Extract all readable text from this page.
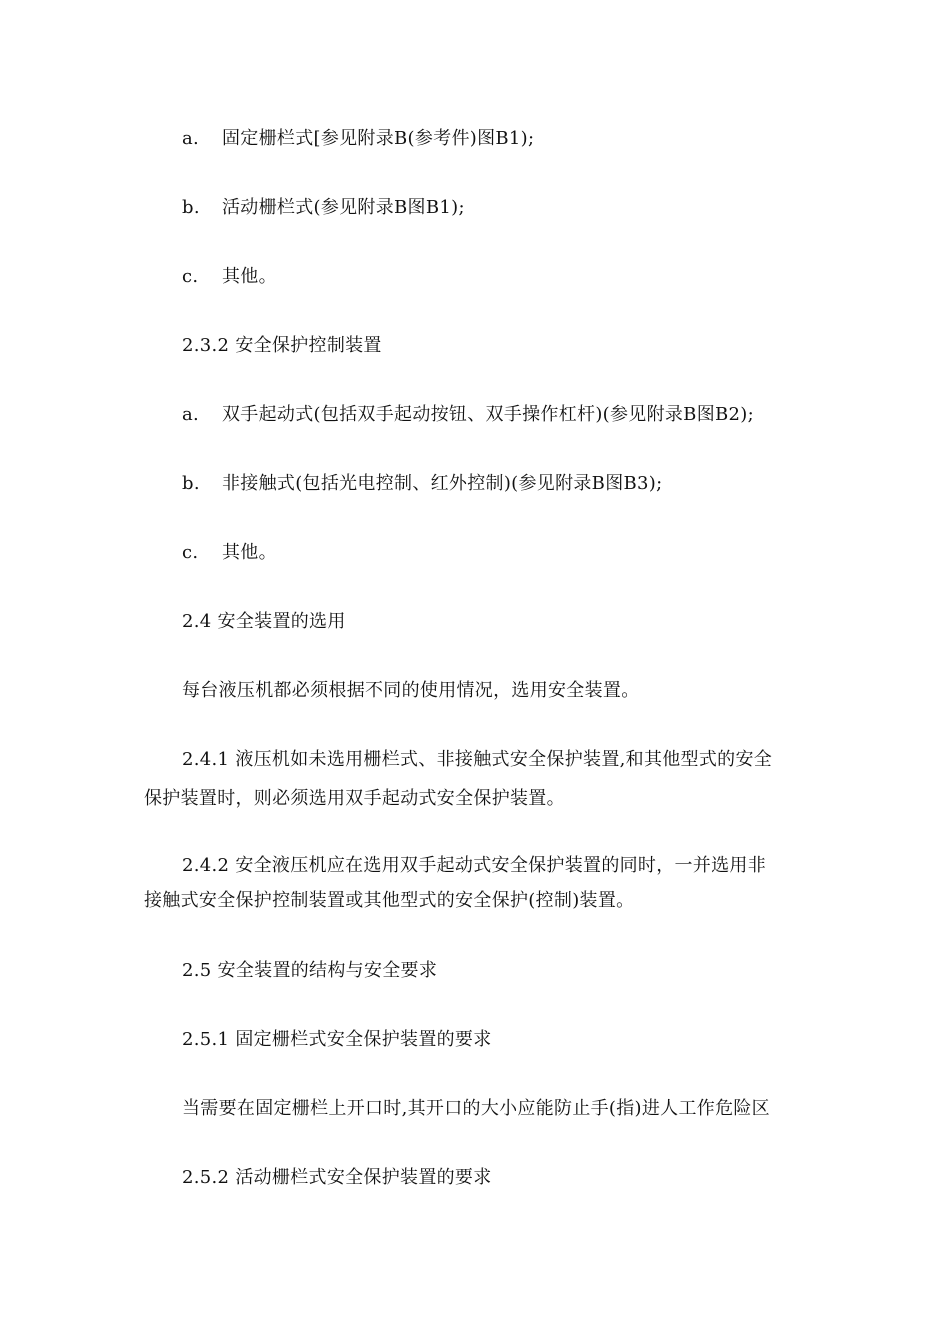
a. 固定栅栏式[参见附录B(参考件)图B1);
b. 活动栅栏式(参见附录B图B1);
c. 其他。
2.3.2 安全保护控制装置
a. 双手起动式(包括双手起动按钮、双手操作杠杆)(参见附录B图B2);
b. 非接触式(包括光电控制、红外控制)(参见附录B图B3);
c. 其他。
2.4 安全装置的选用
每台液压机都必须根据不同的使用情况，选用安全装置。
2.4.1 液压机如未选用栅栏式、非接触式安全保护装置,和其他型式的安全
保护装置时，则必须选用双手起动式安全保护装置。
2.4.2 安全液压机应在选用双手起动式安全保护装置的同时，一并选用非
接触式安全保护控制装置或其他型式的安全保护(控制)装置。
2.5 安全装置的结构与安全要求
2.5.1 固定栅栏式安全保护装置的要求
当需要在固定栅栏上开口时,其开口的大小应能防止手(指)进人工作危险区
2.5.2 活动栅栏式安全保护装置的要求
